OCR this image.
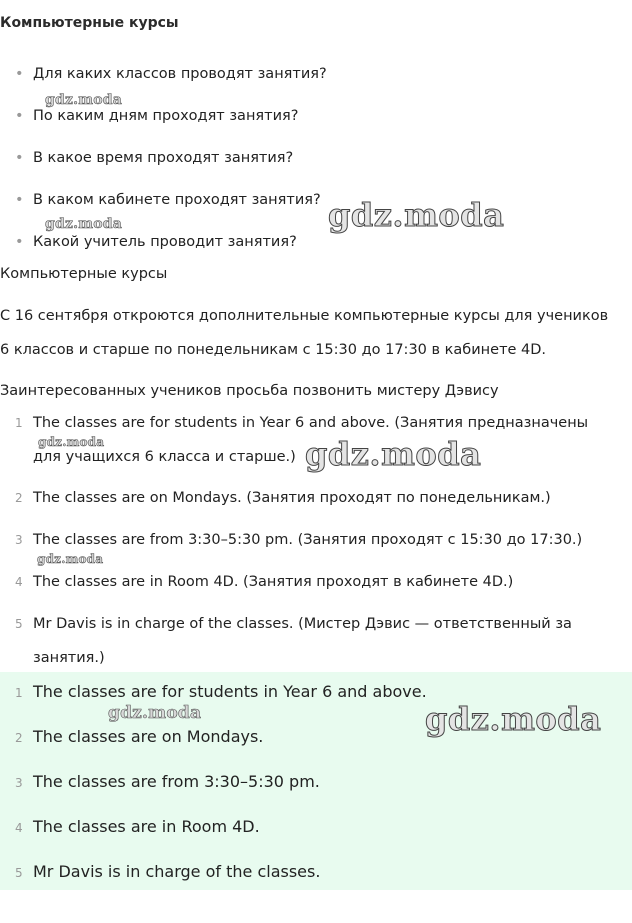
Компьютерные курсы
• Для каких классов проводят занятия?
• По каким дням проходят занятия?
• В какое время проходят занятия?
• В каком кабинете проходят занятия?
• Какой учитель проводит занятия?
Компьютерные курсы
С 16 сентября откроются дополнительные компьютерные курсы для учеников
6 классов и старше по понедельникам с 15:30 до 17:30 в кабинете 4D.
Заинтересованных учеников просьба позвонить мистеру Дэвису
1 The classes are for students in Year 6 and above. (Занятия предназначены
для учащихся 6 класса и старше.)
2 The classes are on Mondays. (Занятия проходят по понедельникам.)
3 The classes are from 3:30–5:30 pm. (Занятия проходят с 15:30 до 17:30.)
4 The classes are in Room 4D. (Занятия проходят в кабинете 4D.)
5 Mr Davis is in charge of the classes. (Мистер Дэвис — ответственный за
занятия.)
1 The classes are for students in Year 6 and above.
2 The classes are on Mondays.
3 The classes are from 3:30–5:30 pm.
4 The classes are in Room 4D.
5 Mr Davis is in charge of the classes.
gdz.moda
gdz.moda
gdz.moda
gdz.moda	gdz.moda
gdz.moda
gdz.moda	gdz.moda
